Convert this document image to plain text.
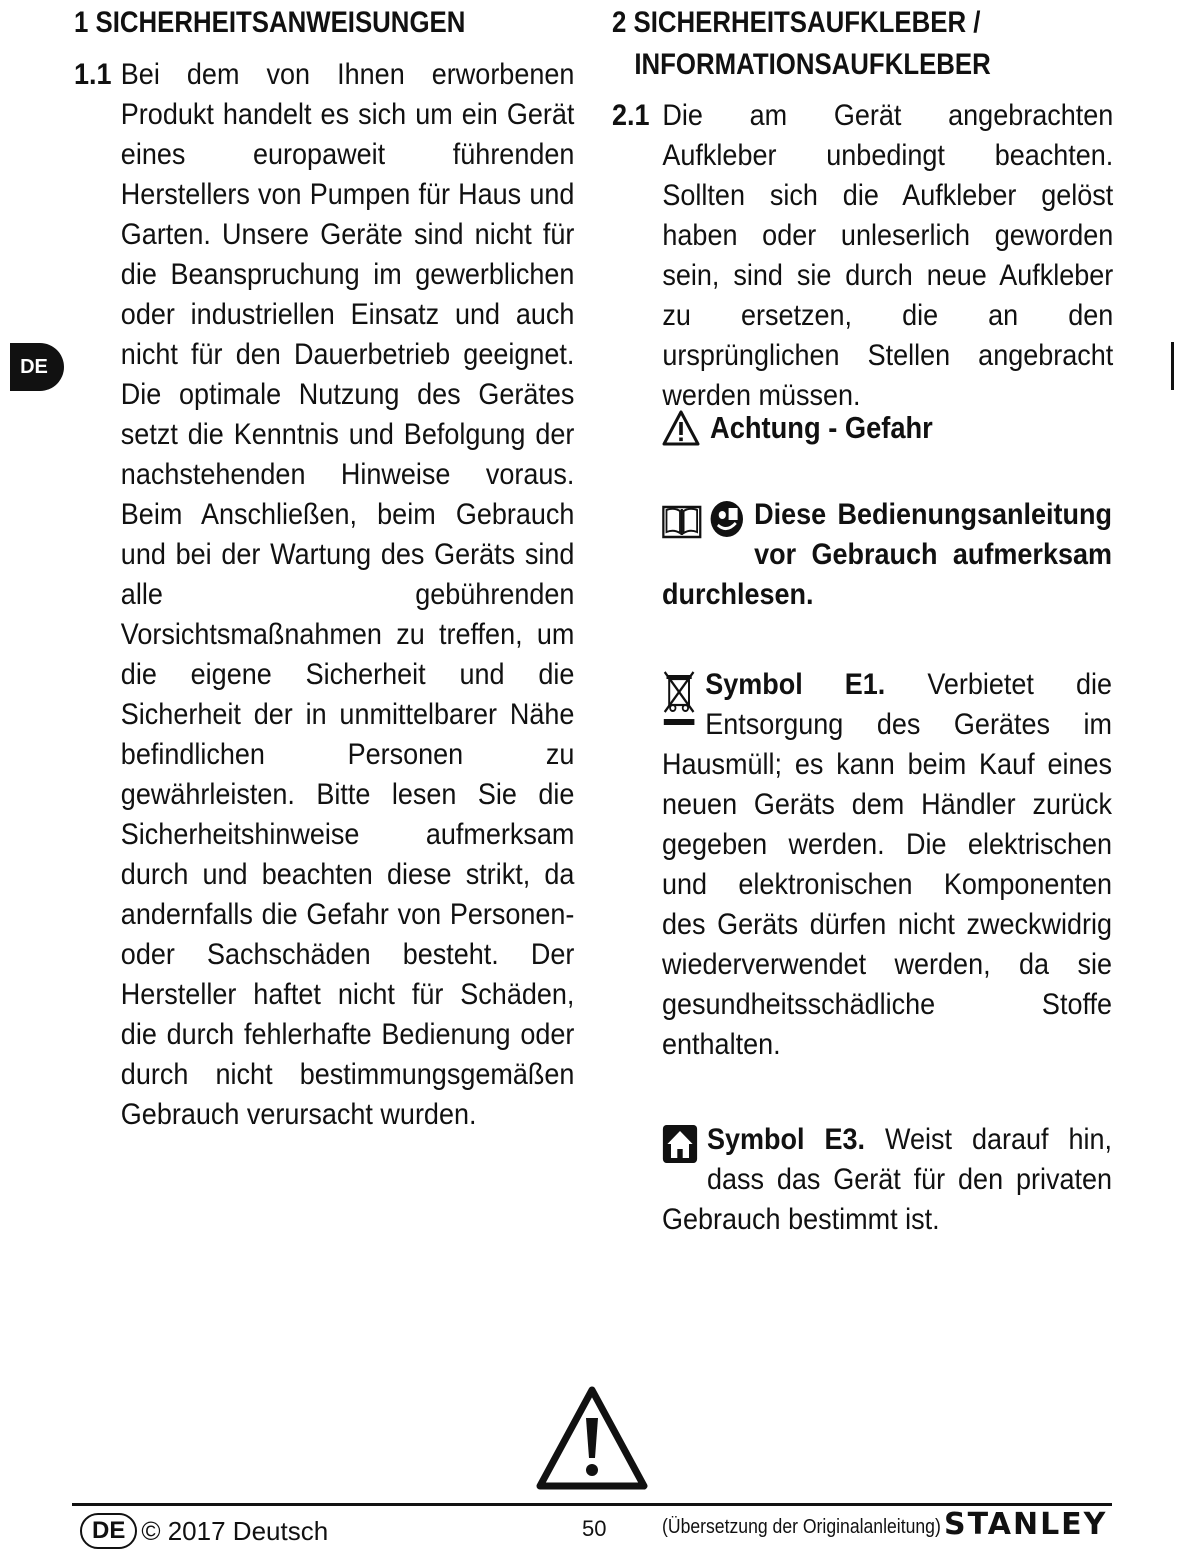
DE
1 SICHERHEITSANWEISUNGEN
1.1 Bei dem von Ihnen erworbenen Produkt handelt es sich um ein Gerät eines europaweit führenden Herstellers von Pumpen für Haus und Garten. Unsere Geräte sind nicht für die Beanspruchung im gewerblichen oder industriellen Einsatz und auch nicht für den Dauerbetrieb geeignet. Die optimale Nutzung des Gerätes setzt die Kenntnis und Befolgung der nachstehenden Hinweise voraus. Beim Anschließen, beim Gebrauch und bei der Wartung des Geräts sind alle gebührenden Vorsichtsmaßnahmen zu treffen, um die eigene Sicherheit und die Sicherheit der in unmittelbarer Nähe befindlichen Personen zu gewährleisten. Bitte lesen Sie die Sicherheitshinweise aufmerksam durch und beachten diese strikt, da andernfalls die Gefahr von Personen- oder Sachschäden besteht. Der Hersteller haftet nicht für Schäden, die durch fehlerhafte Bedienung oder durch nicht bestimmungsgemäßen Gebrauch verursacht wurden.
2 SICHERHEITSAUFKLEBER /
INFORMATIONSAUFKLEBER
2.1 Die am Gerät angebrachten Aufkleber unbedingt beachten. Sollten sich die Aufkleber gelöst haben oder unleserlich geworden sein, sind sie durch neue Aufkleber zu ersetzen, die an den ursprünglichen Stellen angebracht werden müssen.
Achtung - Gefahr

Diese Bedienungsanleitung vor Gebrauch aufmerksam durchlesen.
Symbol E1. Verbietet die Entsorgung des Gerätes im Hausmüll; es kann beim Kauf eines neuen Geräts dem Händler zurück gegeben werden. Die elektrischen und elektronischen Komponenten des Geräts dürfen nicht zweckwidrig wiederverwendet werden, da sie gesundheitsschädliche Stoffe enthalten.
Symbol E3. Weist darauf hin, dass das Gerät für den privaten Gebrauch bestimmt ist.
DE © 2017 Deutsch	50	(Übersetzung der Originalanleitung) STANLEY
